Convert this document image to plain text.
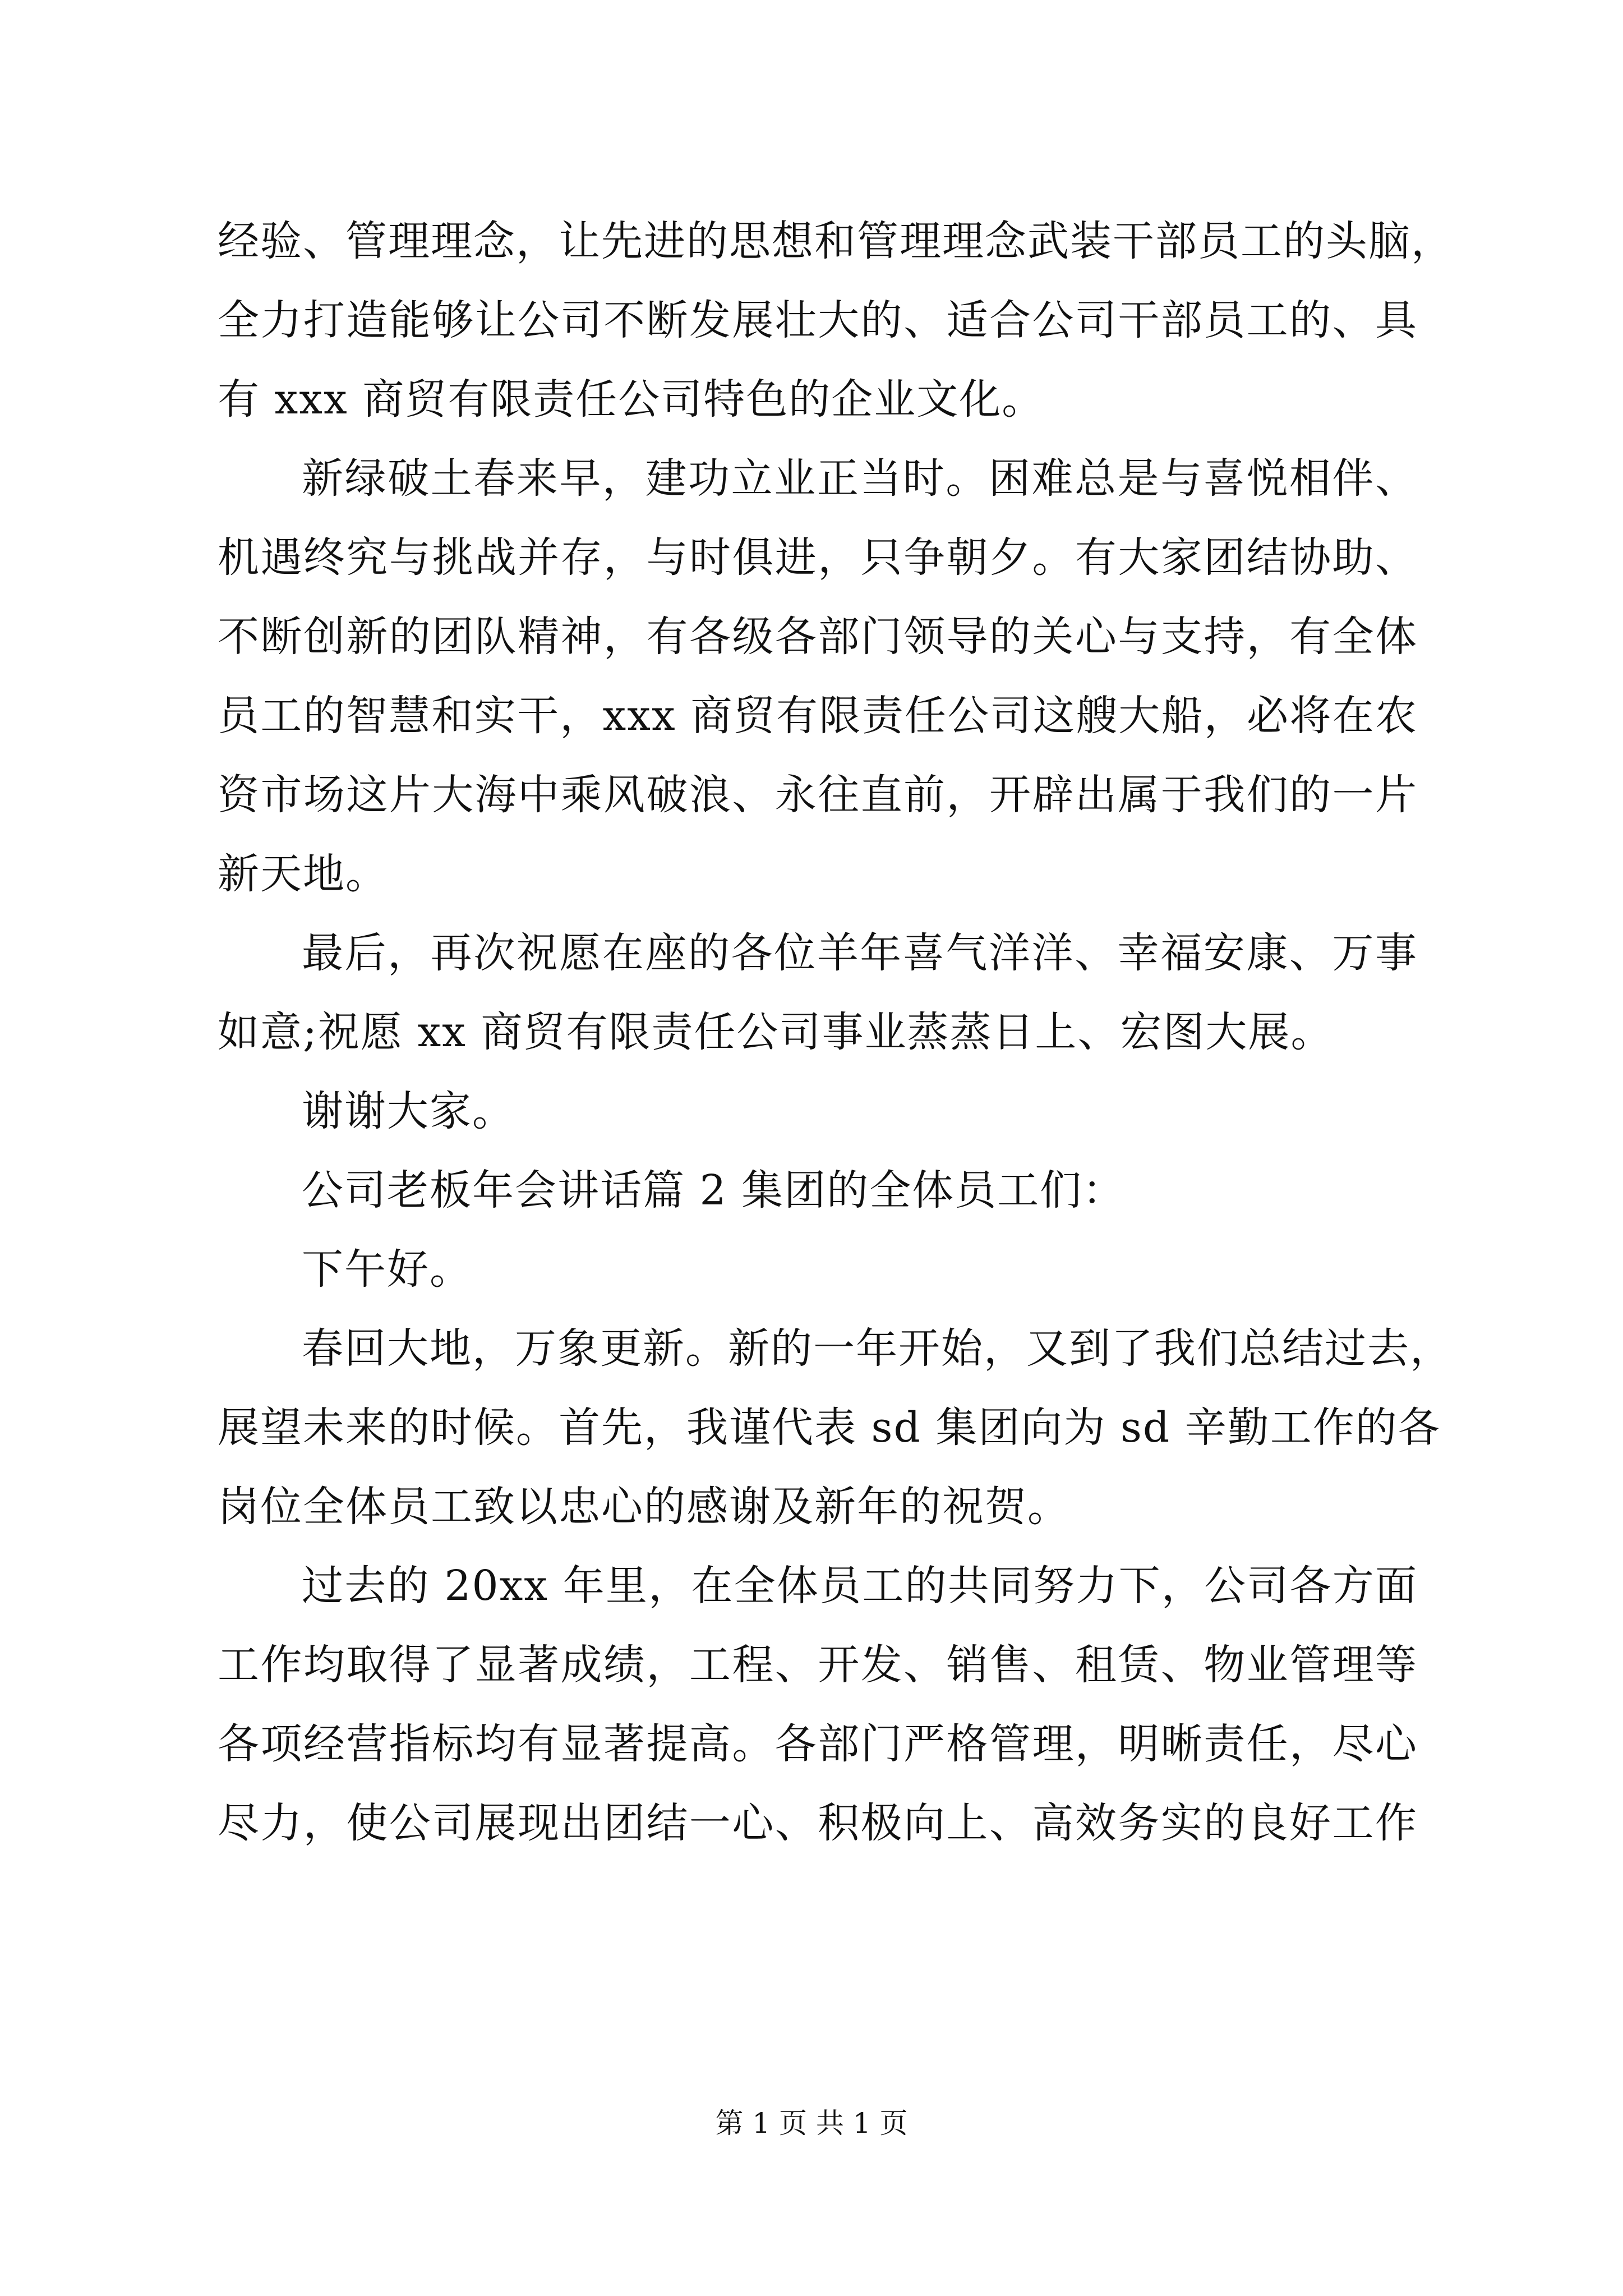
经验、管理理念，让先进的思想和管理理念武装干部员工的头脑，
全力打造能够让公司不断发展壮大的、适合公司干部员工的、具
有 xxx 商贸有限责任公司特色的企业文化。
新绿破土春来早，建功立业正当时。困难总是与喜悦相伴、
机遇终究与挑战并存，与时俱进，只争朝夕。有大家团结协助、
不断创新的团队精神，有各级各部门领导的关心与支持，有全体
员工的智慧和实干，xxx 商贸有限责任公司这艘大船，必将在农
资市场这片大海中乘风破浪、永往直前，开辟出属于我们的一片
新天地。
最后，再次祝愿在座的各位羊年喜气洋洋、幸福安康、万事
如意;祝愿 xx 商贸有限责任公司事业蒸蒸日上、宏图大展。
谢谢大家。
公司老板年会讲话篇 2 集团的全体员工们：
下午好。
春回大地，万象更新。新的一年开始，又到了我们总结过去，
展望未来的时候。首先，我谨代表 sd 集团向为 sd 辛勤工作的各
岗位全体员工致以忠心的感谢及新年的祝贺。
过去的 20xx 年里，在全体员工的共同努力下，公司各方面
工作均取得了显著成绩，工程、开发、销售、租赁、物业管理等
各项经营指标均有显著提高。各部门严格管理，明晰责任，尽心
尽力，使公司展现出团结一心、积极向上、高效务实的良好工作
第 1 页 共 1 页
